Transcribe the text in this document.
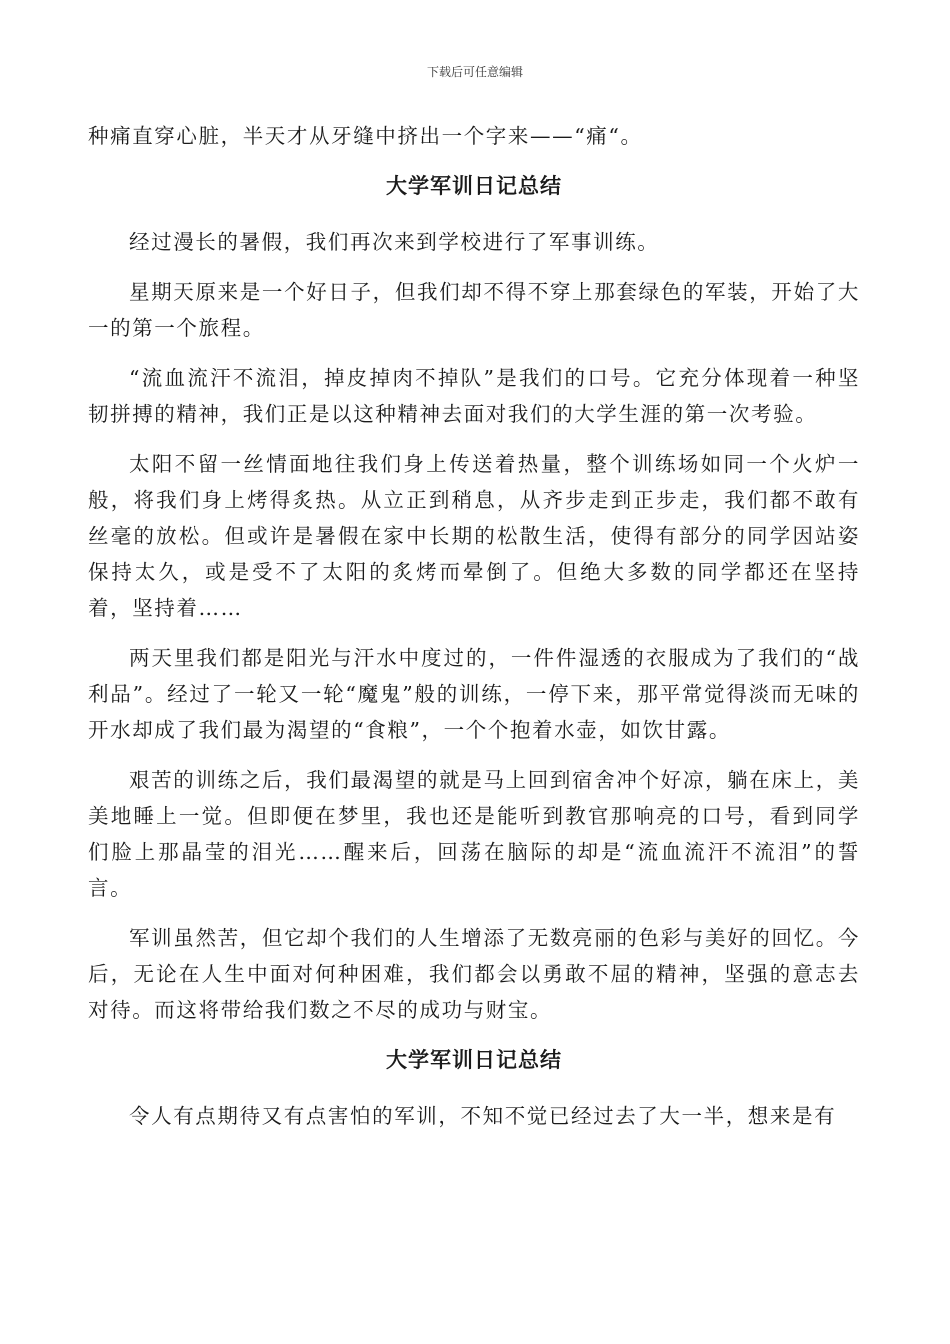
下载后可任意编辑

种痛直穿心脏，半天才从牙缝中挤出一个字来——“痛“。

大学军训日记总结

经过漫长的暑假，我们再次来到学校进行了军事训练。

星期天原来是一个好日子，但我们却不得不穿上那套绿色的军装，开始了大一的第一个旅程。

“流血流汗不流泪，掉皮掉肉不掉队”是我们的口号。它充分体现着一种坚韧拼搏的精神，我们正是以这种精神去面对我们的大学生涯的第一次考验。

太阳不留一丝情面地往我们身上传送着热量，整个训练场如同一个火炉一般，将我们身上烤得炙热。从立正到稍息，从齐步走到正步走，我们都不敢有丝毫的放松。但或许是暑假在家中长期的松散生活，使得有部分的同学因站姿保持太久，或是受不了太阳的炙烤而晕倒了。但绝大多数的同学都还在坚持着，坚持着……

两天里我们都是阳光与汗水中度过的，一件件湿透的衣服成为了我们的“战利品”。经过了一轮又一轮“魔鬼”般的训练，一停下来，那平常觉得淡而无味的开水却成了我们最为渴望的“食粮”，一个个抱着水壶，如饮甘露。

艰苦的训练之后，我们最渴望的就是马上回到宿舍冲个好凉，躺在床上，美美地睡上一觉。但即便在梦里，我也还是能听到教官那响亮的口号，看到同学们脸上那晶莹的泪光……醒来后，回荡在脑际的却是“流血流汗不流泪”的誓言。

军训虽然苦，但它却个我们的人生增添了无数亮丽的色彩与美好的回忆。今后，无论在人生中面对何种困难，我们都会以勇敢不屈的精神，坚强的意志去对待。而这将带给我们数之不尽的成功与财宝。

大学军训日记总结

令人有点期待又有点害怕的军训，不知不觉已经过去了大一半，想来是有
